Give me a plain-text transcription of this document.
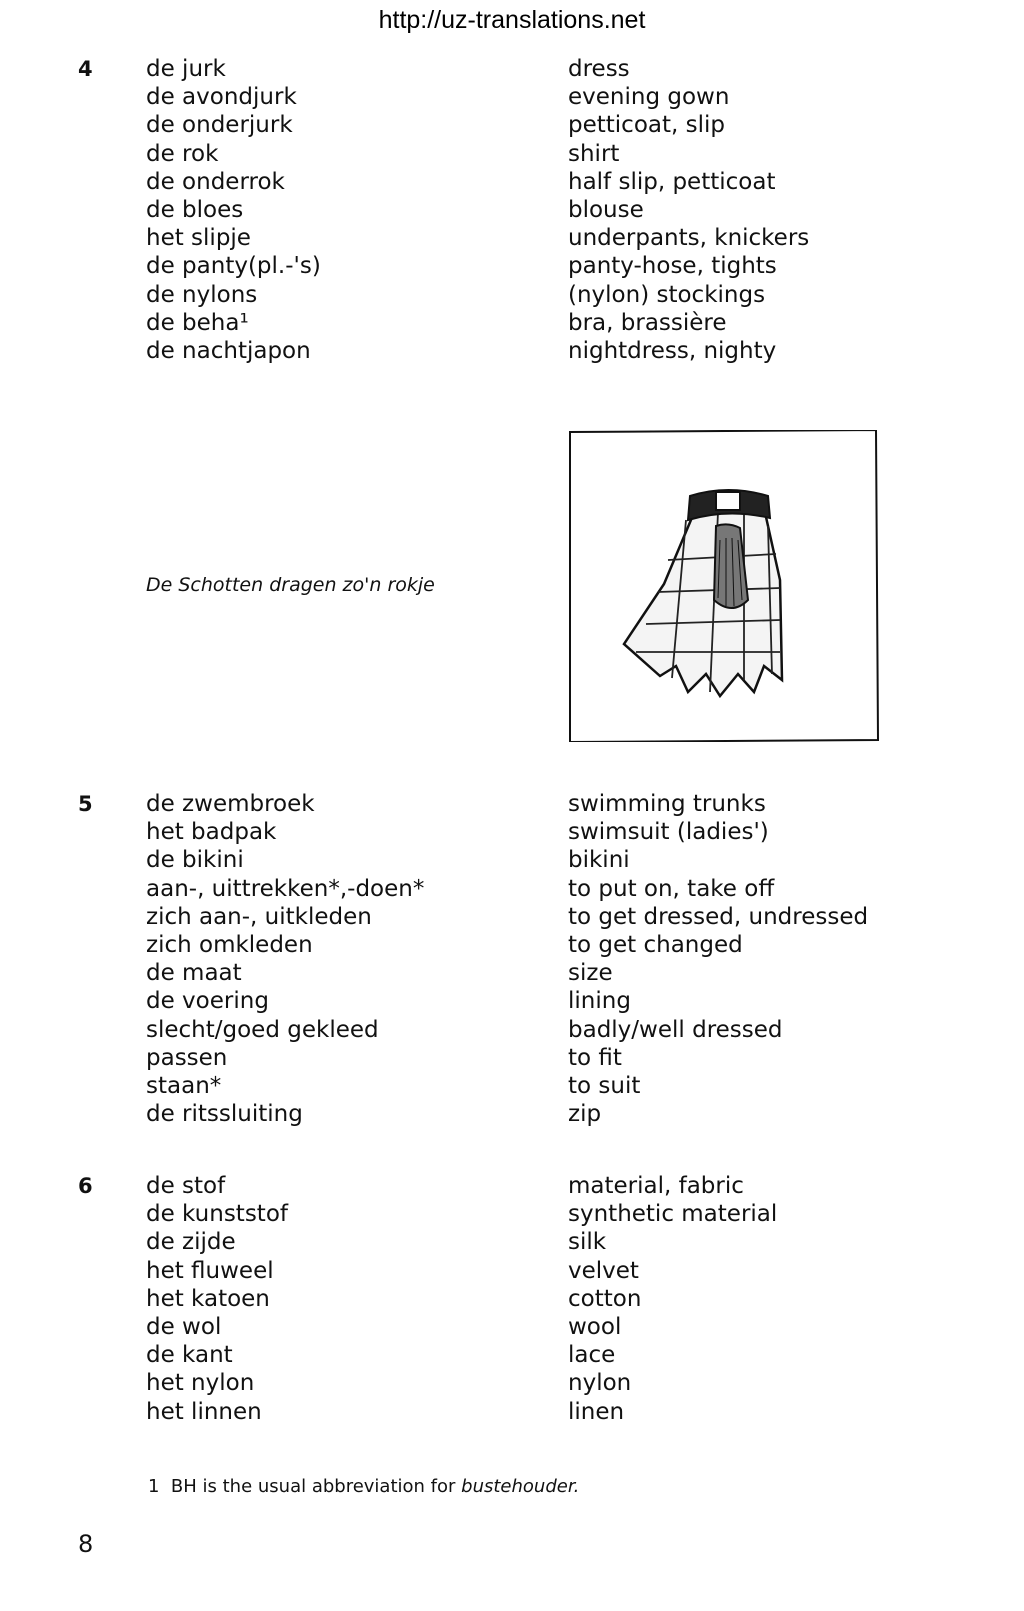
http://uz-translations.net
4 de jurk
de avondjurk
de onderjurk
de rok
de onderrok
de bloes
het slipje
de panty(pl.-'s)
de nylons
de beha¹
de nachtjapon
dress
evening gown
petticoat, slip
shirt
half slip, petticoat
blouse
underpants, knickers
panty-hose, tights
(nylon) stockings
bra, brassière
nightdress, nighty
De Schotten dragen zo'n rokje
5 de zwembroek
het badpak
de bikini
aan-, uittrekken*,-doen*
zich aan-, uitkleden
zich omkleden
de maat
de voering
slecht/goed gekleed
passen
staan*
de ritssluiting
swimming trunks
swimsuit (ladies')
bikini
to put on, take off
to get dressed, undressed
to get changed
size
lining
badly/well dressed
to fit
to suit
zip
6 de stof
de kunststof
de zijde
het fluweel
het katoen
de wol
de kant
het nylon
het linnen
material, fabric
synthetic material
silk
velvet
cotton
wool
lace
nylon
linen
1 BH is the usual abbreviation for bustehouder.
8
